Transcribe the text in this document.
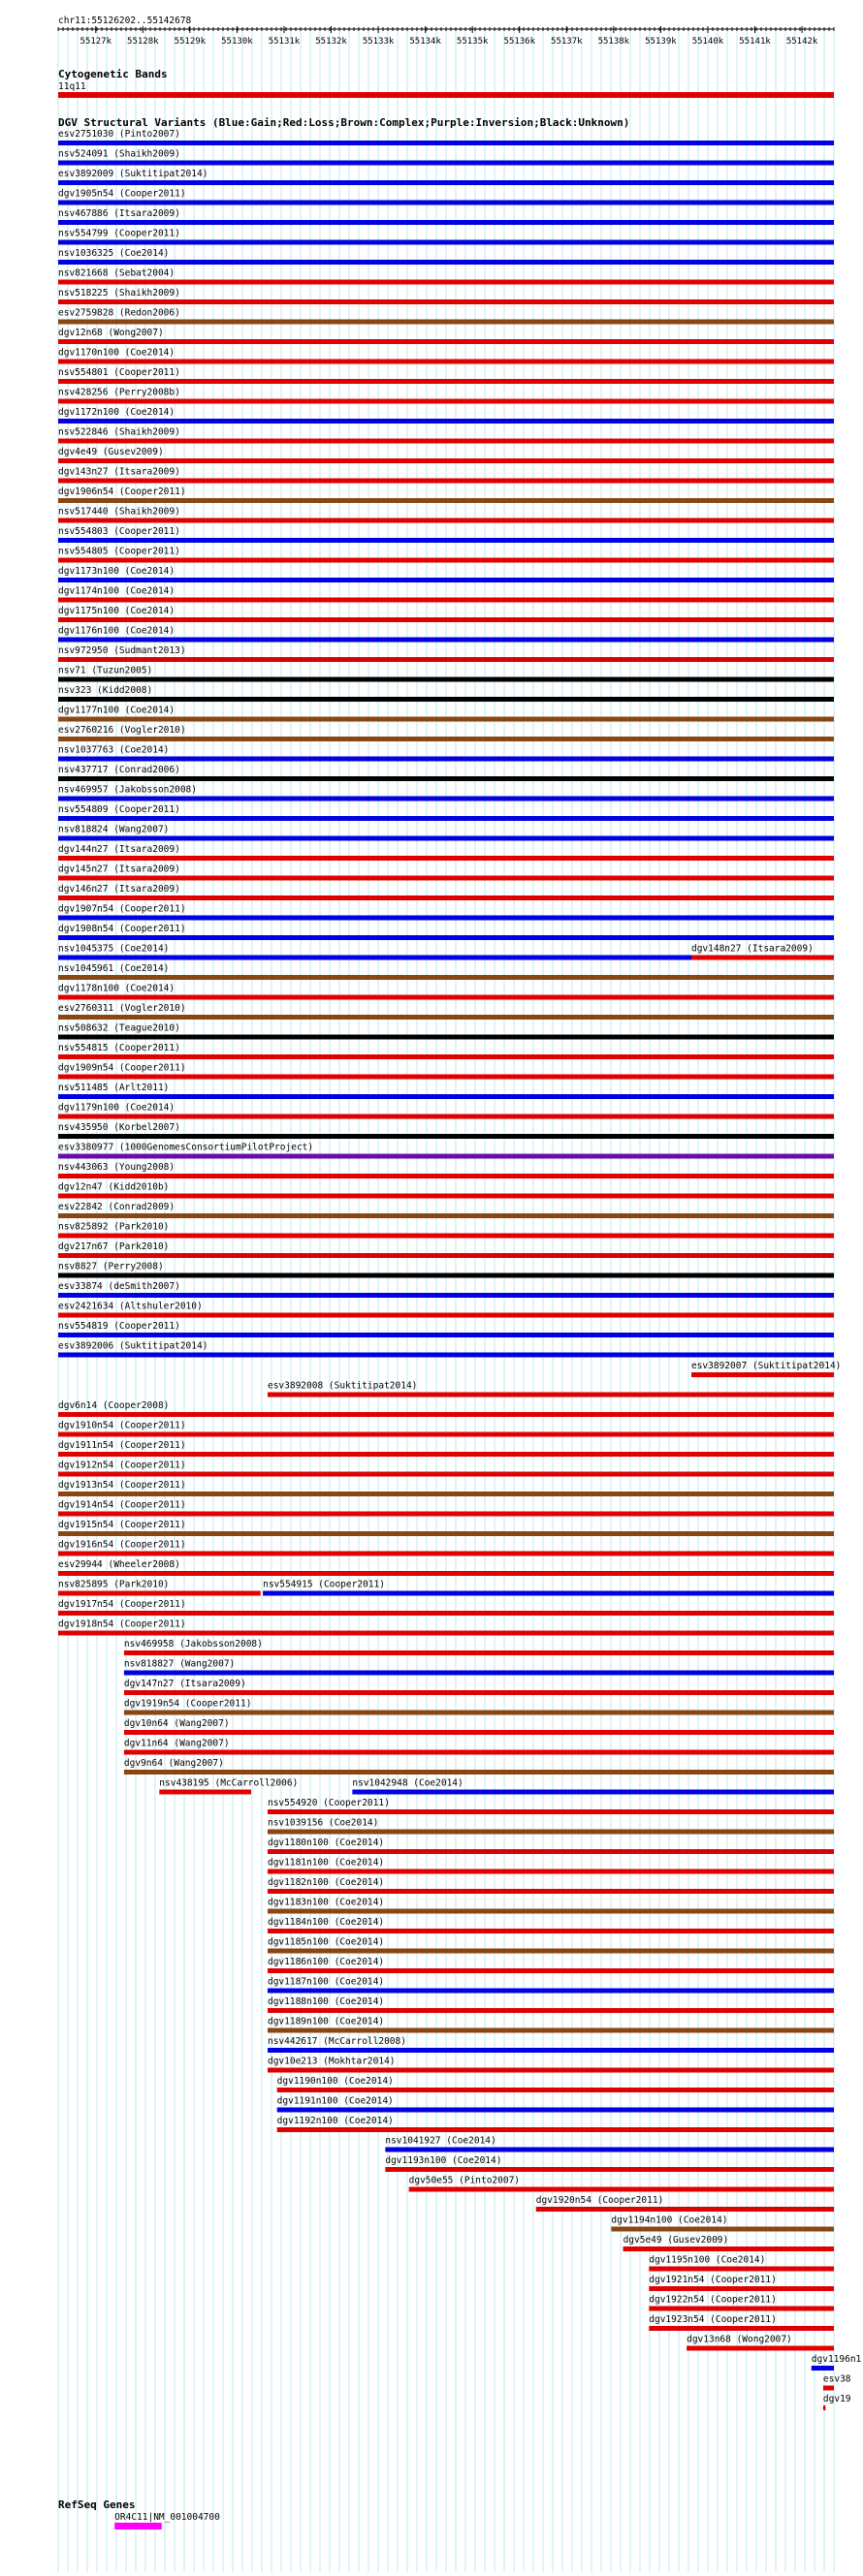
chr11:55126202..55142678
55127k 55128k 55129k 55130k 55131k 55132k 55133k 55134k 55135k 55136k 55137k 55138k 55139k 55140k 55141k 55142k
Cytogenetic Bands
11q11
DGV Structural Variants (Blue:Gain;Red:Loss;Brown:Complex;Purple:Inversion;Black:Unknown)
esv2751030 (Pinto2007)
nsv524091 (Shaikh2009)
esv3892009 (Suktitipat2014)
dgv1905n54 (Cooper2011)
nsv467886 (Itsara2009)
nsv554799 (Cooper2011)
nsv1036325 (Coe2014)
nsv821668 (Sebat2004)
nsv518225 (Shaikh2009)
esv2759828 (Redon2006)
dgv12n68 (Wong2007)
dgv1170n100 (Coe2014)
nsv554801 (Cooper2011)
nsv428256 (Perry2008b)
dgv1172n100 (Coe2014)
nsv522846 (Shaikh2009)
dgv4e49 (Gusev2009)
dgv143n27 (Itsara2009)
dgv1906n54 (Cooper2011)
nsv517440 (Shaikh2009)
nsv554803 (Cooper2011)
nsv554805 (Cooper2011)
dgv1173n100 (Coe2014)
dgv1174n100 (Coe2014)
dgv1175n100 (Coe2014)
dgv1176n100 (Coe2014)
nsv972950 (Sudmant2013)
nsv71 (Tuzun2005)
nsv323 (Kidd2008)
dgv1177n100 (Coe2014)
esv2760216 (Vogler2010)
nsv1037763 (Coe2014)
nsv437717 (Conrad2006)
nsv469957 (Jakobsson2008)
nsv554809 (Cooper2011)
nsv818824 (Wang2007)
dgv144n27 (Itsara2009)
dgv145n27 (Itsara2009)
dgv146n27 (Itsara2009)
dgv1907n54 (Cooper2011)
dgv1908n54 (Cooper2011)
nsv1045375 (Coe2014)	dgv148n27 (Itsara2009)
nsv1045961 (Coe2014)
dgv1178n100 (Coe2014)
esv2760311 (Vogler2010)
nsv508632 (Teague2010)
nsv554815 (Cooper2011)
dgv1909n54 (Cooper2011)
nsv511485 (Arlt2011)
dgv1179n100 (Coe2014)
nsv435950 (Korbel2007)
esv3380977 (1000GenomesConsortiumPilotProject)
nsv443063 (Young2008)
dgv12n47 (Kidd2010b)
esv22842 (Conrad2009)
nsv825892 (Park2010)
dgv217n67 (Park2010)
nsv8827 (Perry2008)
esv33874 (deSmith2007)
esv2421634 (Altshuler2010)
nsv554819 (Cooper2011)
esv3892006 (Suktitipat2014)
esv3892007 (Suktitipat2014)
esv3892008 (Suktitipat2014)
dgv6n14 (Cooper2008)
dgv1910n54 (Cooper2011)
dgv1911n54 (Cooper2011)
dgv1912n54 (Cooper2011)
dgv1913n54 (Cooper2011)
dgv1914n54 (Cooper2011)
dgv1915n54 (Cooper2011)
dgv1916n54 (Cooper2011)
esv29944 (Wheeler2008)
nsv825895 (Park2010)	nsv554915 (Cooper2011)
dgv1917n54 (Cooper2011)
dgv1918n54 (Cooper2011)
nsv469958 (Jakobsson2008)
nsv818827 (Wang2007)
dgv147n27 (Itsara2009)
dgv1919n54 (Cooper2011)
dgv10n64 (Wang2007)
dgv11n64 (Wang2007)
dgv9n64 (Wang2007)
nsv438195 (McCarroll2006)	nsv1042948 (Coe2014)
nsv554920 (Cooper2011)
nsv1039156 (Coe2014)
dgv1180n100 (Coe2014)
dgv1181n100 (Coe2014)
dgv1182n100 (Coe2014)
dgv1183n100 (Coe2014)
dgv1184n100 (Coe2014)
dgv1185n100 (Coe2014)
dgv1186n100 (Coe2014)
dgv1187n100 (Coe2014)
dgv1188n100 (Coe2014)
dgv1189n100 (Coe2014)
nsv442617 (McCarroll2008)
dgv10e213 (Mokhtar2014)
dgv1190n100 (Coe2014)
dgv1191n100 (Coe2014)
dgv1192n100 (Coe2014)
nsv1041927 (Coe2014)
dgv1193n100 (Coe2014)
dgv50e55 (Pinto2007)
dgv1920n54 (Cooper2011)
dgv1194n100 (Coe2014)
dgv5e49 (Gusev2009)
dgv1195n100 (Coe2014)
dgv1921n54 (Cooper2011)
dgv1922n54 (Cooper2011)
dgv1923n54 (Cooper2011)
dgv13n68 (Wong2007)
dgv1196n1
esv38
dgv19
RefSeq Genes
OR4C11|NM_001004700
